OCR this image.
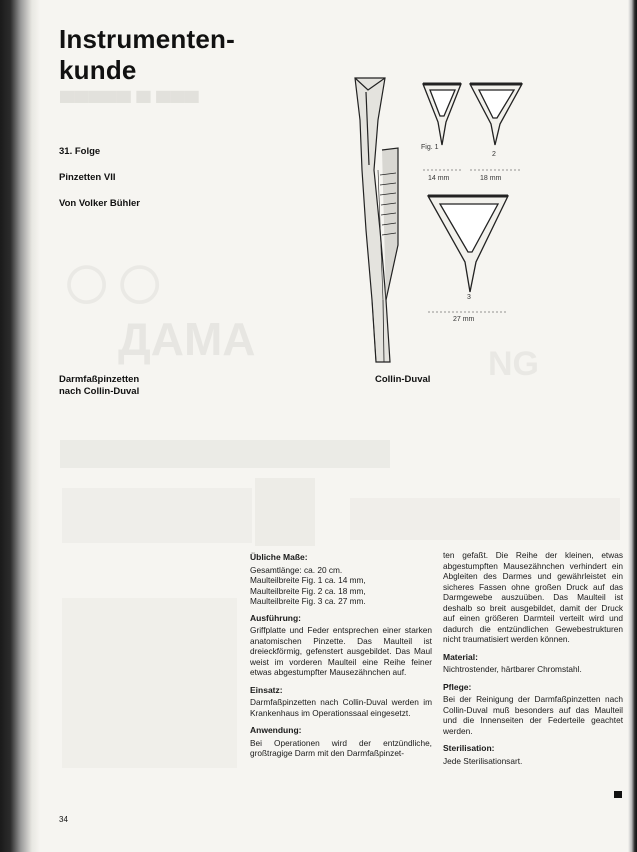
▀▀▀▀▀ ▀ ▀▀▀
○○
ДАМА	NG
Instrumenten-
kunde
31. Folge
Pinzetten VII
Von Volker Bühler
Fig. 1
2
3
14 mm	18 mm
27 mm
Darmfaßpinzetten
nach Collin-Duval
Collin-Duval
Übliche Maße:

Gesamtlänge: ca. 20 cm.
Maulteilbreite Fig. 1 ca. 14 mm,
Maulteilbreite Fig. 2 ca. 18 mm,
Maulteilbreite Fig. 3 ca. 27 mm.

Ausführung:

Griffplatte und Feder entsprechen einer starken anatomischen Pinzette. Das Maulteil ist dreieckförmig, gefenstert ausgebildet. Das Maul weist im vorderen Maulteil eine Reihe feiner etwas abgestumpfter Mausezähnchen auf.

Einsatz:

Darmfaßpinzetten nach Collin-Duval werden im Krankenhaus im Operationssaal eingesetzt.

Anwendung:

Bei Operationen wird der entzündliche, großtragige Darm mit den Darmfaßpinzet-

ten gefaßt. Die Reihe der kleinen, etwas abgestumpften Mausezähnchen verhindert ein Abgleiten des Darmes und gewährleistet ein sicheres Fassen ohne großen Druck auf das Darmgewebe auszuüben. Das Maulteil ist deshalb so breit ausgebildet, damit der Druck auf einen größeren Darmteil verteilt wird und dadurch die entzündlichen Gewebestrukturen nicht traumatisiert werden können.

Material:

Nichtrostender, härtbarer Chromstahl.

Pflege:

Bei der Reinigung der Darmfaßpinzetten nach Collin-Duval muß besonders auf das Maulteil und die Innenseiten der Federteile geachtet werden.

Sterilisation:

Jede Sterilisationsart.

34
